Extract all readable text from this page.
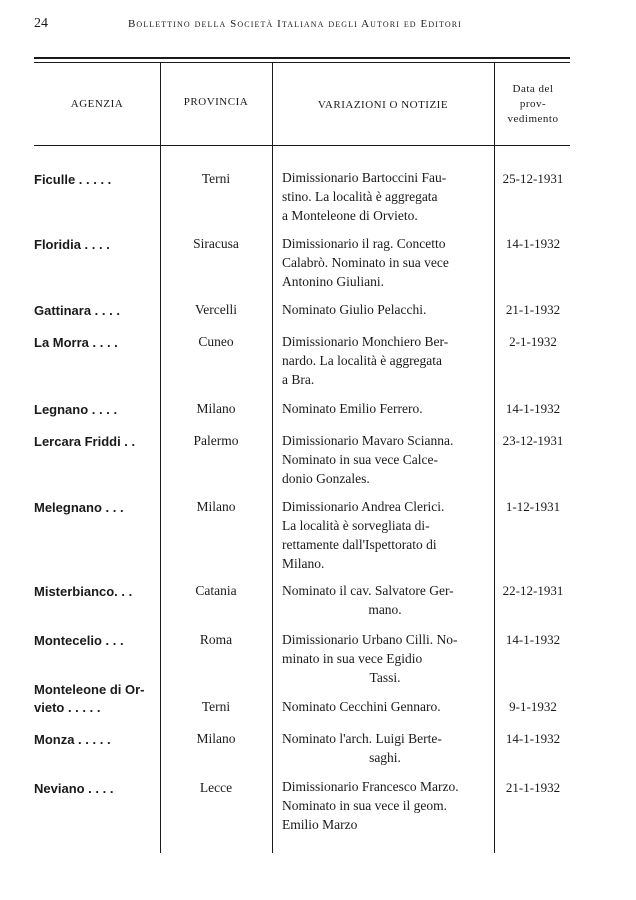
24	Bollettino della Società Italiana degli Autori ed Editori
AGENZIA	PROVINCIA	VARIAZIONI O NOTIZIE
Data del
prov-
vedimento
Ficulle . . . . .	Terni	Dimissionario Bartoccini Fau-
stino. La località è aggregata
a Monteleone di Orvieto.
25-12-1931
Floridia . . . .	Siracusa	Dimissionario il rag. Concetto
Calabrò. Nominato in sua vece
Antonino Giuliani.
14-1-1932
Gattinara . . . .	Vercelli	Nominato Giulio Pelacchi.	21-1-1932
La Morra . . . .	Cuneo	Dimissionario Monchiero Ber-
nardo. La località è aggregata
a Bra.
2-1-1932
Legnano . . . .	Milano	Nominato Emilio Ferrero.	14-1-1932
Lercara Friddi . .	Palermo	Dimissionario Mavaro Scianna.
Nominato in sua vece Calce-
donio Gonzales.
23-12-1931
Melegnano . . .	Milano	Dimissionario Andrea Clerici.
La località è sorvegliata di-
rettamente dall'Ispettorato di
Milano.
1-12-1931
Misterbianco. . .	Catania	Nominato il cav. Salvatore Ger-
mano.
22-12-1931
Montecelio . . .	Roma	Dimissionario Urbano Cilli. No-
minato in sua vece Egidio
Tassi.
14-1-1932
Monteleone di Or-
vieto . . . . .	Terni	Nominato Cecchini Gennaro.	9-1-1932
Monza . . . . .	Milano	Nominato l'arch. Luigi Berte-
saghi.
14-1-1932
Neviano . . . .	Lecce	Dimissionario Francesco Marzo.
Nominato in sua vece il geom.
Emilio Marzo
21-1-1932
